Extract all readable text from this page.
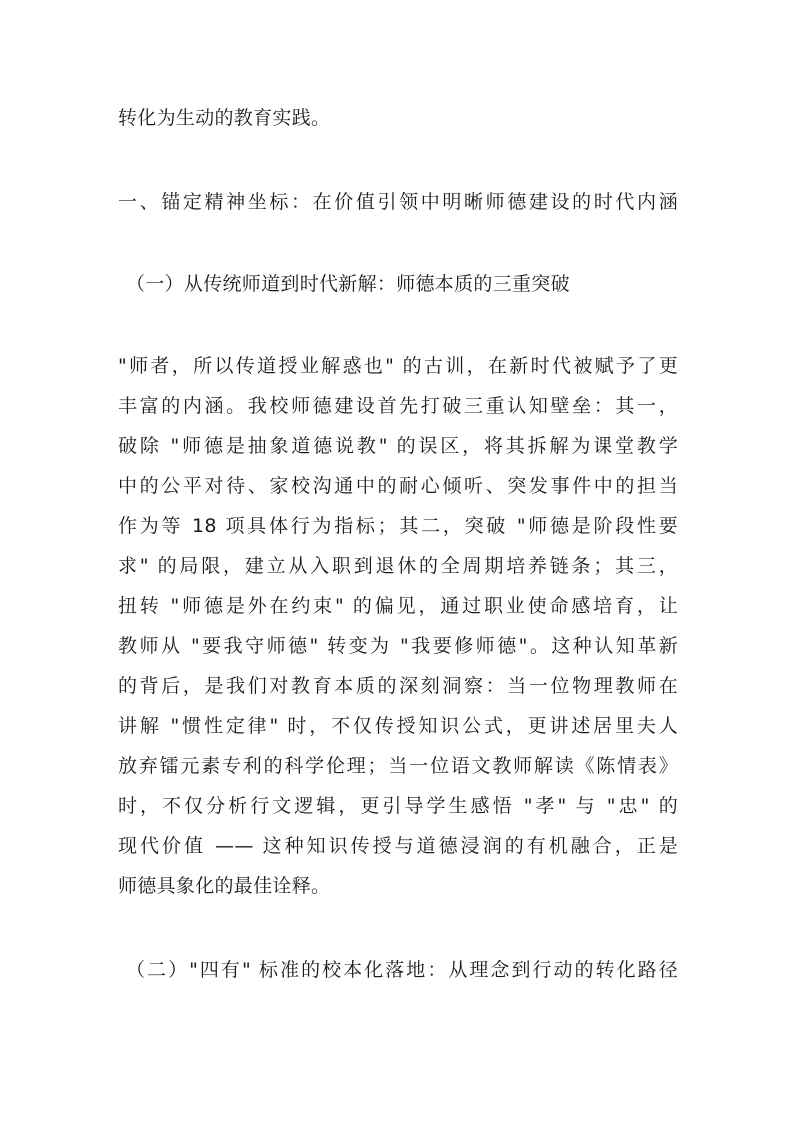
转化为生动的教育实践。
一、锚定精神坐标：在价值引领中明晰师德建设的时代内涵
（一）从传统师道到时代新解：师德本质的三重突破
"师者，所以传道授业解惑也" 的古训，在新时代被赋予了更
丰富的内涵。我校师德建设首先打破三重认知壁垒：其一，
破除 "师德是抽象道德说教" 的误区，将其拆解为课堂教学
中的公平对待、家校沟通中的耐心倾听、突发事件中的担当
作为等 18 项具体行为指标；其二，突破 "师德是阶段性要
求" 的局限，建立从入职到退休的全周期培养链条；其三，
扭转 "师德是外在约束" 的偏见，通过职业使命感培育，让
教师从 "要我守师德" 转变为 "我要修师德"。这种认知革新
的背后，是我们对教育本质的深刻洞察：当一位物理教师在
讲解 "惯性定律" 时，不仅传授知识公式，更讲述居里夫人
放弃镭元素专利的科学伦理；当一位语文教师解读《陈情表》
时，不仅分析行文逻辑，更引导学生感悟 "孝" 与 "忠" 的
现代价值 —— 这种知识传授与道德浸润的有机融合，正是
师德具象化的最佳诠释。
（二）"四有" 标准的校本化落地：从理念到行动的转化路径
